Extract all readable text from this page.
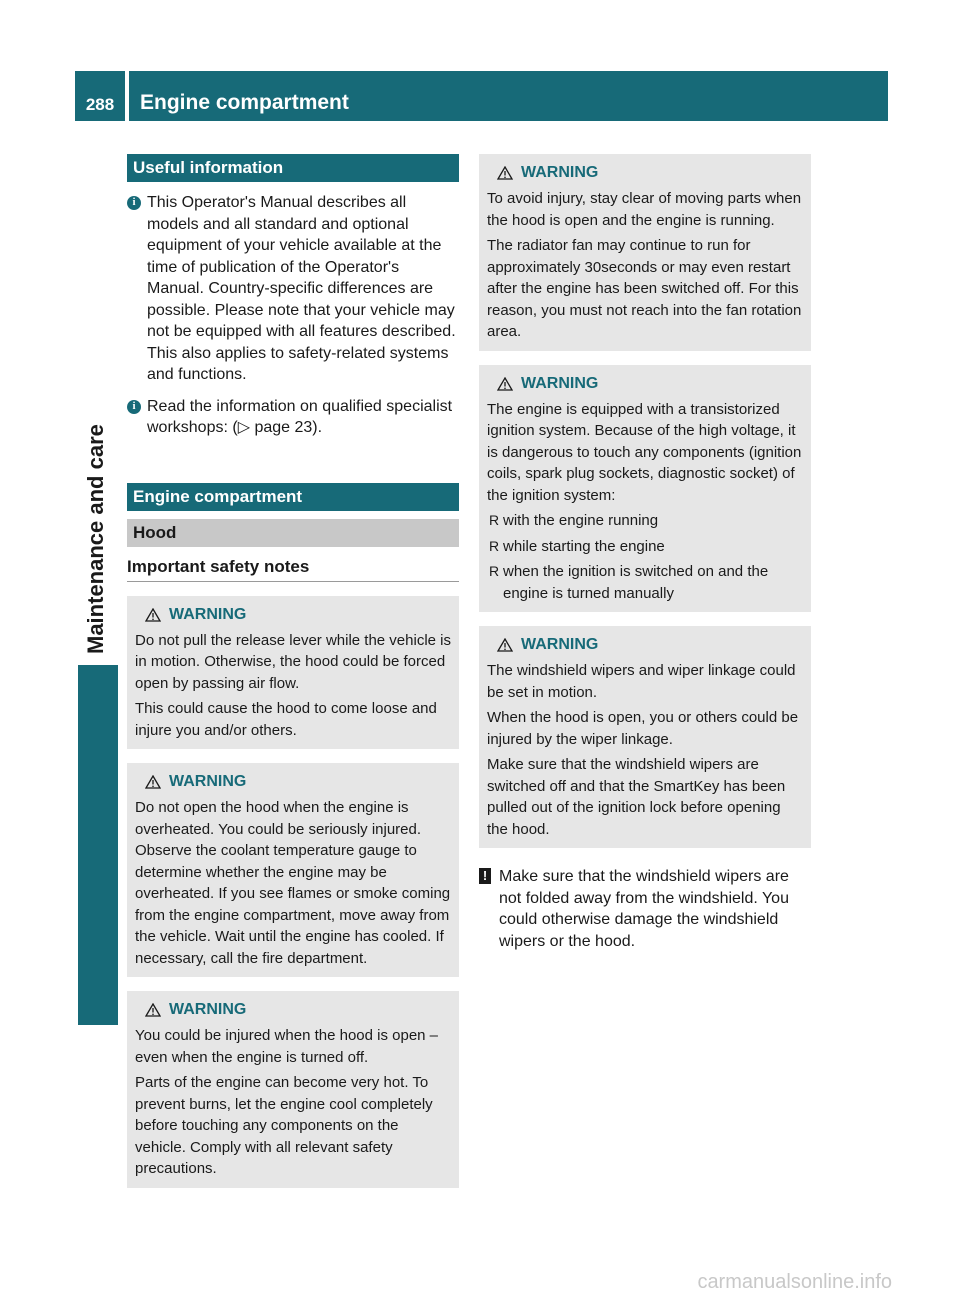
288	Engine compartment
Maintenance and care
Useful information
i This Operator's Manual describes all models and all standard and optional equipment of your vehicle available at the time of publication of the Operator's Manual. Country-specific differences are possible. Please note that your vehicle may not be equipped with all features described. This also applies to safety-related systems and functions.
i Read the information on qualified specialist workshops: (▷ page 23).
Engine compartment
Hood
Important safety notes
WARNING

Do not pull the release lever while the vehicle is in motion. Otherwise, the hood could be forced open by passing air flow.

This could cause the hood to come loose and injure you and/or others.

WARNING

Do not open the hood when the engine is overheated. You could be seriously injured. Observe the coolant temperature gauge to determine whether the engine may be overheated. If you see flames or smoke coming from the engine compartment, move away from the vehicle. Wait until the engine has cooled. If necessary, call the fire department.

WARNING

You could be injured when the hood is open – even when the engine is turned off.

Parts of the engine can become very hot. To prevent burns, let the engine cool completely before touching any components on the vehicle. Comply with all relevant safety precautions.

WARNING

To avoid injury, stay clear of moving parts when the hood is open and the engine is running.

The radiator fan may continue to run for approximately 30seconds or may even restart after the engine has been switched off. For this reason, you must not reach into the fan rotation area.

WARNING

The engine is equipped with a transistorized ignition system. Because of the high voltage, it is dangerous to touch any components (ignition coils, spark plug sockets, diagnostic socket) of the ignition system:

R with the engine running
R while starting the engine
R when the ignition is switched on and the engine is turned manually
WARNING

The windshield wipers and wiper linkage could be set in motion.

When the hood is open, you or others could be injured by the wiper linkage.

Make sure that the windshield wipers are switched off and that the SmartKey has been pulled out of the ignition lock before opening the hood.

! Make sure that the windshield wipers are not folded away from the windshield. You could otherwise damage the windshield wipers or the hood.
carmanualsonline.info
